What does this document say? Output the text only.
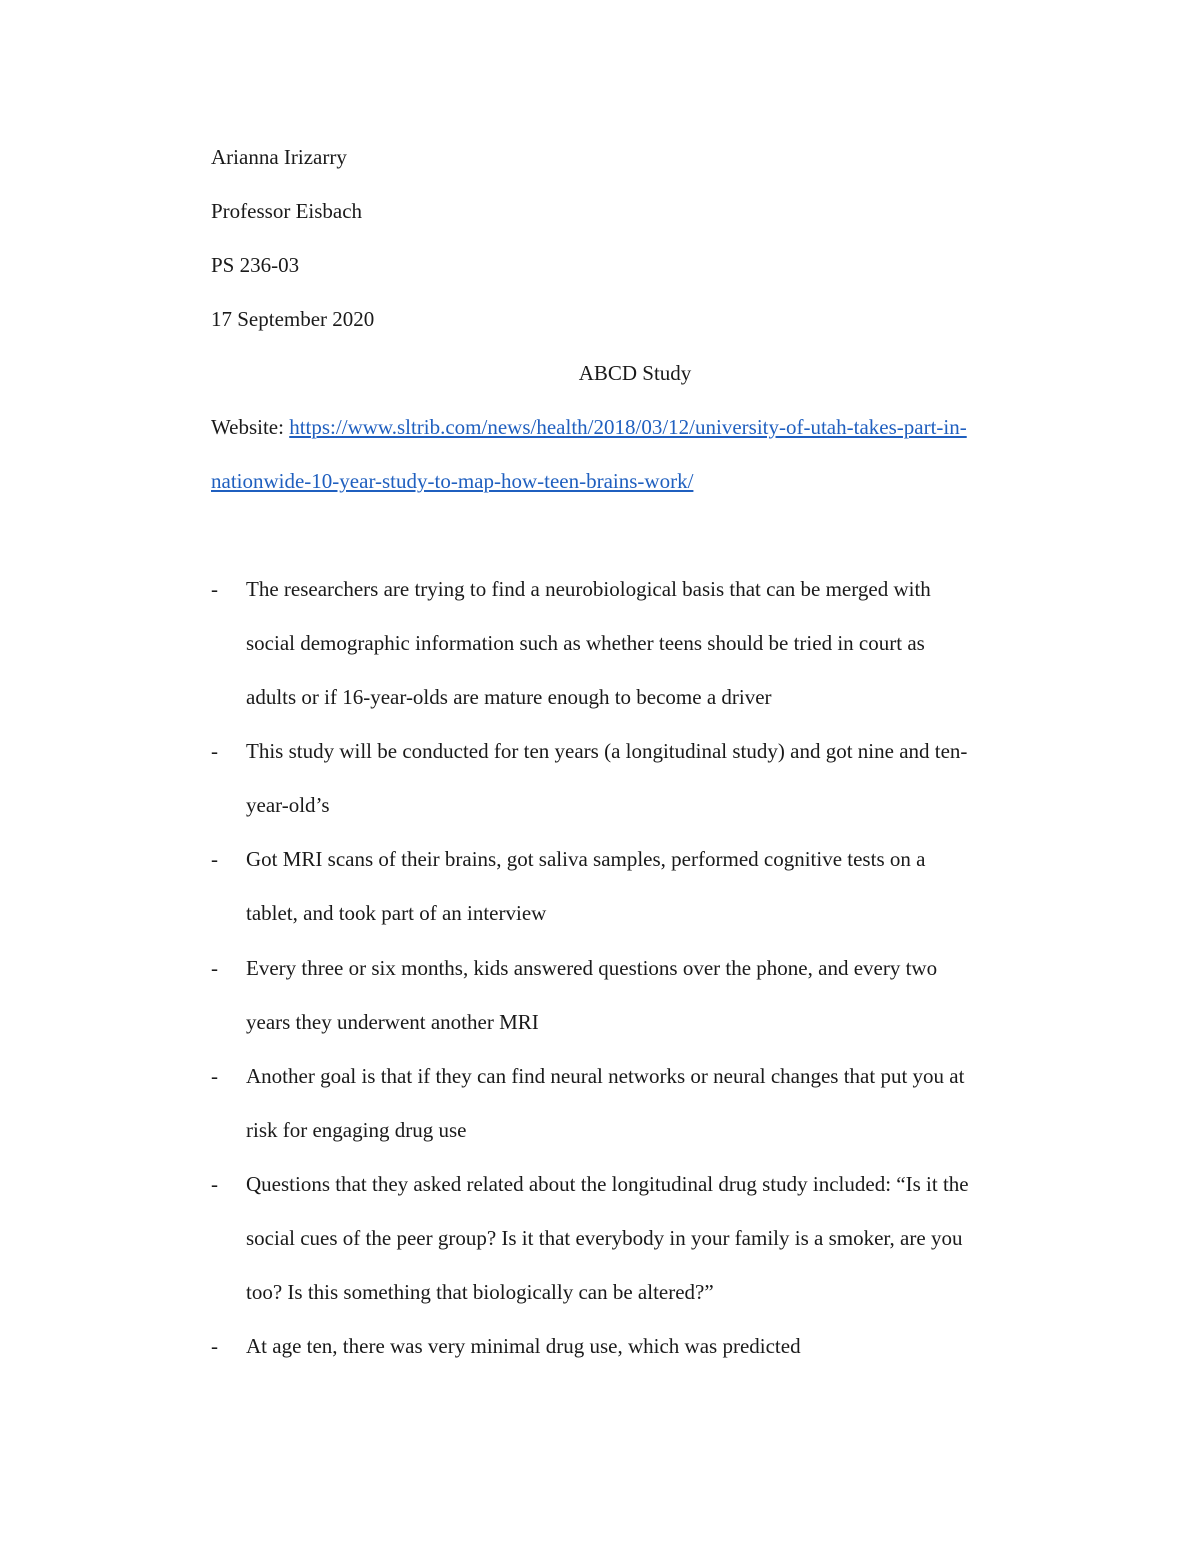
Arianna Irizarry
Professor Eisbach
PS 236-03
17 September 2020
ABCD Study
Website: https://www.sltrib.com/news/health/2018/03/12/university-of-utah-takes-part-in-
nationwide-10-year-study-to-map-how-teen-brains-work/
- The researchers are trying to find a neurobiological basis that can be merged with
social demographic information such as whether teens should be tried in court as
adults or if 16-year-olds are mature enough to become a driver
- This study will be conducted for ten years (a longitudinal study) and got nine and ten-
year-old’s
- Got MRI scans of their brains, got saliva samples, performed cognitive tests on a
tablet, and took part of an interview
- Every three or six months, kids answered questions over the phone, and every two
years they underwent another MRI
- Another goal is that if they can find neural networks or neural changes that put you at
risk for engaging drug use
- Questions that they asked related about the longitudinal drug study included: “Is it the
social cues of the peer group? Is it that everybody in your family is a smoker, are you
too? Is this something that biologically can be altered?”
- At age ten, there was very minimal drug use, which was predicted
